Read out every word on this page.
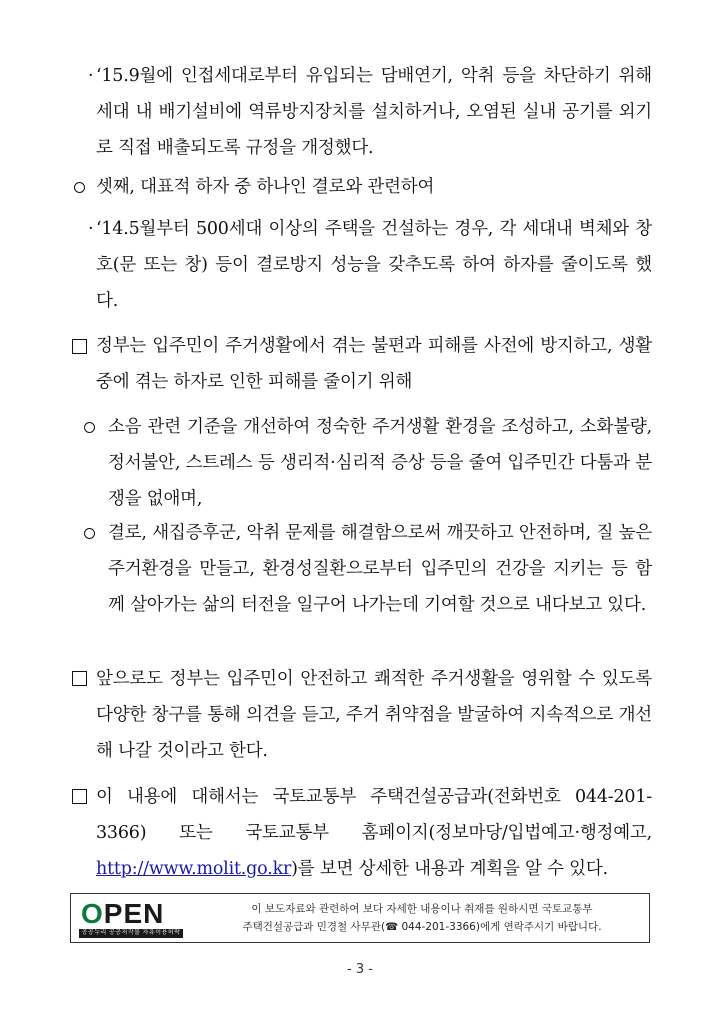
· ‘15.9월에 인접세대로부터 유입되는 담배연기, 악취 등을 차단하기 위해 세대 내 배기설비에 역류방지장치를 설치하거나, 오염된 실내 공기를 외기로 직접 배출되도록 규정을 개정했다.
셋째, 대표적 하자 중 하나인 결로와 관련하여
· ‘14.5월부터 500세대 이상의 주택을 건설하는 경우, 각 세대내 벽체와 창호(문 또는 창) 등이 결로방지 성능을 갖추도록 하여 하자를 줄이도록 했다.
정부는 입주민이 주거생활에서 겪는 불편과 피해를 사전에 방지하고, 생활 중에 겪는 하자로 인한 피해를 줄이기 위해
소음 관련 기준을 개선하여 정숙한 주거생활 환경을 조성하고, 소화불량, 정서불안, 스트레스 등 생리적·심리적 증상 등을 줄여 입주민간 다툼과 분쟁을 없애며,
결로, 새집증후군, 악취 문제를 해결함으로써 깨끗하고 안전하며, 질 높은 주거환경을 만들고, 환경성질환으로부터 입주민의 건강을 지키는 등 함께 살아가는 삶의 터전을 일구어 나가는데 기여할 것으로 내다보고 있다.
앞으로도 정부는 입주민이 안전하고 쾌적한 주거생활을 영위할 수 있도록 다양한 창구를 통해 의견을 듣고, 주거 취약점을 발굴하여 지속적으로 개선해 나갈 것이라고 한다.
이 내용에 대해서는 국토교통부 주택건설공급과(전화번호 044-201-3366) 또는 국토교통부 홈페이지(정보마당/입법예고·행정예고, http://www.molit.go.kr)를 보면 상세한 내용과 계획을 알 수 있다.
OPEN
공공누리 공공저작물 자유이용허락
이 보도자료와 관련하여 보다 자세한 내용이나 취재를 원하시면 국토교통부
주택건설공급과 민경철 사무관(☎ 044-201-3366)에게 연락주시기 바랍니다.
- 3 -
